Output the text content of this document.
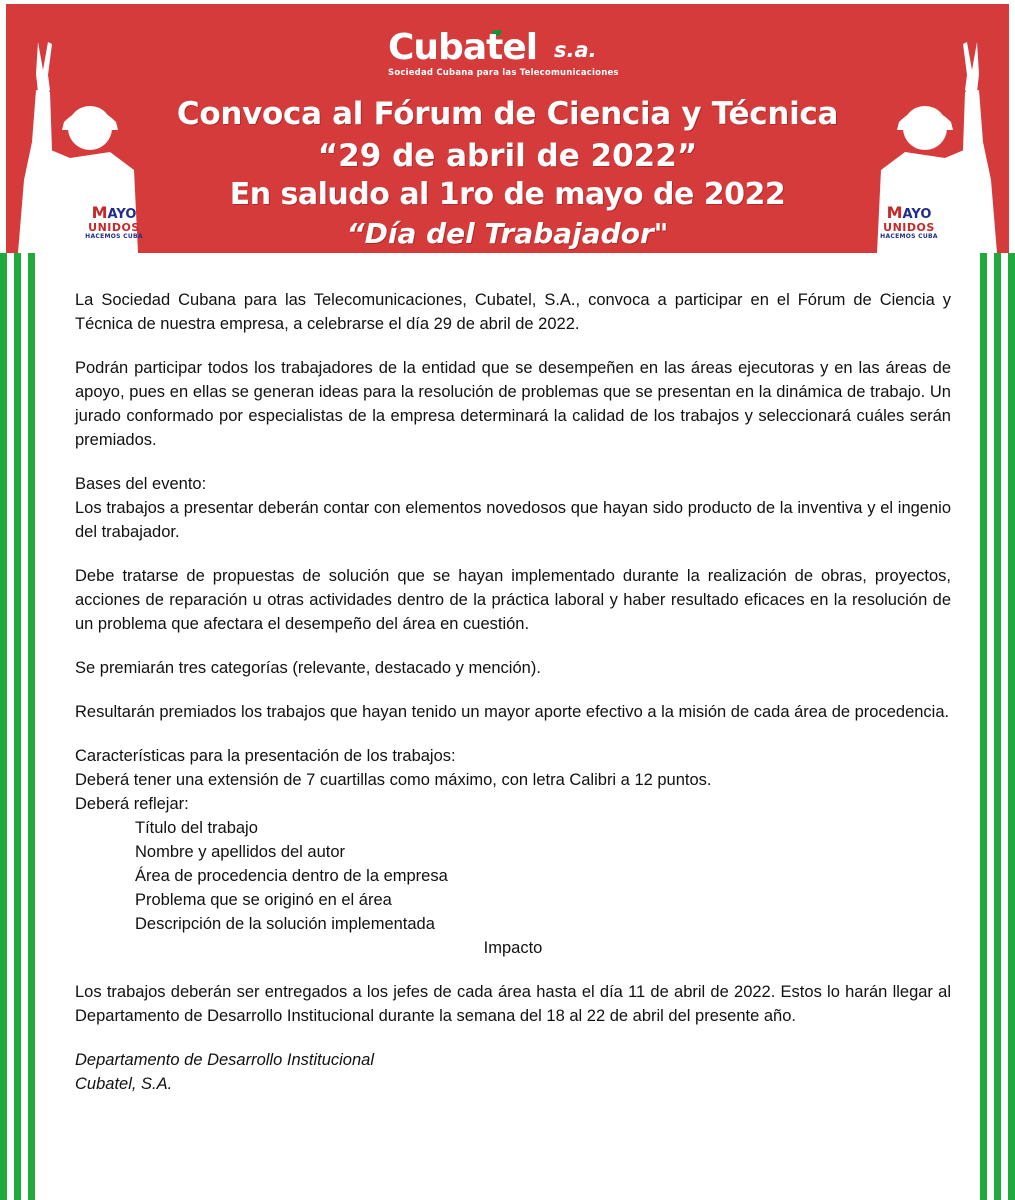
MAYO
UNIDOS
HACEMOS CUBA
MAYO
UNIDOS
HACEMOS CUBA
Cubatel s.a.
Sociedad Cubana para las Telecomunicaciones
Convoca al Fórum de Ciencia y Técnica
“29 de abril de 2022”
En saludo al 1ro de mayo de 2022
“Día del Trabajador"

La Sociedad Cubana para las Telecomunicaciones, Cubatel, S.A., convoca a participar en el Fórum de Ciencia y Técnica de nuestra empresa, a celebrarse el día 29 de abril de 2022.

Podrán participar todos los trabajadores de la entidad que se desempeñen en las áreas ejecutoras y en las áreas de apoyo, pues en ellas se generan ideas para la resolución de problemas que se presentan en la dinámica de trabajo. Un jurado conformado por especialistas de la empresa determinará la calidad de los trabajos y seleccionará cuáles serán premiados.

Bases del evento:

Los trabajos a presentar deberán contar con elementos novedosos que hayan sido producto de la inventiva y el ingenio del trabajador.

Debe tratarse de propuestas de solución que se hayan implementado durante la realización de obras, proyectos, acciones de reparación u otras actividades dentro de la práctica laboral y haber resultado eficaces en la resolución de un problema que afectara el desempeño del área en cuestión.

Se premiarán tres categorías (relevante, destacado y mención).

Resultarán premiados los trabajos que hayan tenido un mayor aporte efectivo a la misión de cada área de procedencia.

Características para la presentación de los trabajos:

Deberá tener una extensión de 7 cuartillas como máximo, con letra Calibri a 12 puntos.

Deberá reflejar:

Título del trabajo

Nombre y apellidos del autor

Área de procedencia dentro de la empresa

Problema que se originó en el área

Descripción de la solución implementada

Impacto

Los trabajos deberán ser entregados a los jefes de cada área hasta el día 11 de abril de 2022. Estos lo harán llegar al Departamento de Desarrollo Institucional durante la semana del 18 al 22 de abril del presente año.

Departamento de Desarrollo Institucional

Cubatel, S.A.
